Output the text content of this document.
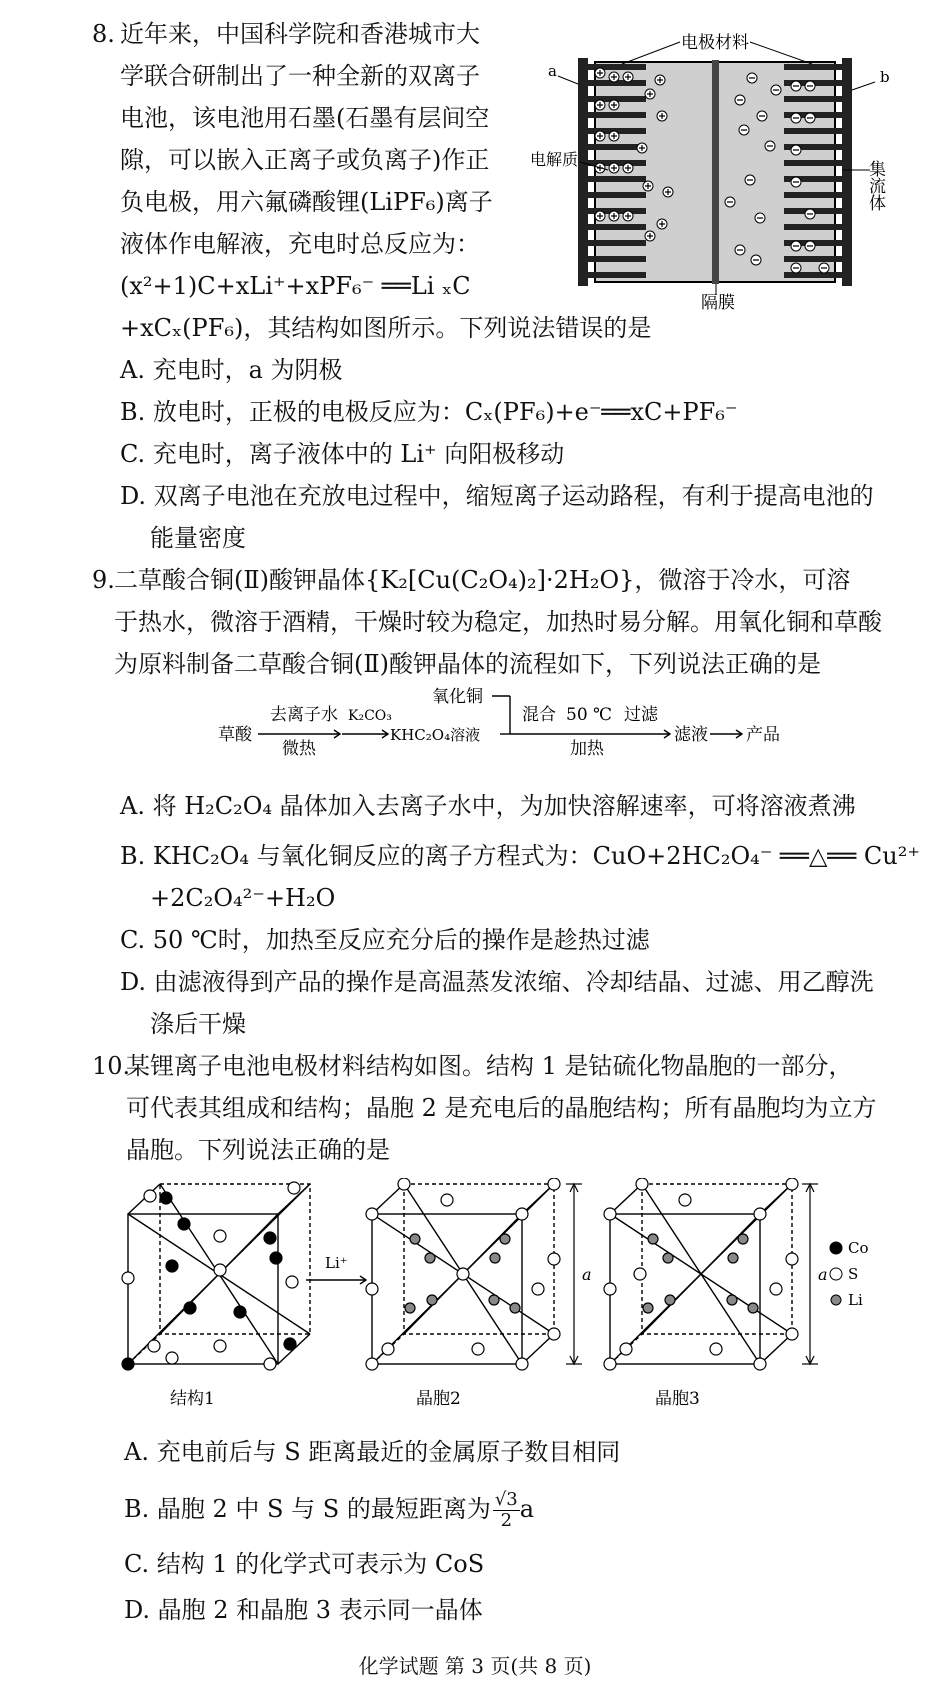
8. 近年来，中国科学院和香港城市大
学联合研制出了一种全新的双离子
电池，该电池用石墨(石墨有层间空
隙，可以嵌入正离子或负离子)作正
负电极，用六氟磷酸锂(LiPF₆)离子
液体作电解液，充电时总反应为：
(x²+1)C+xLi⁺+xPF₆⁻ ══Li ₓC
+xCₓ(PF₆)，其结构如图所示。下列说法错误的是
A. 充电时，a 为阴极
B. 放电时，正极的电极反应为：Cₓ(PF₆)+e⁻══xC+PF₆⁻
C. 充电时，离子液体中的 Li⁺ 向阳极移动
D. 双离子电池在充放电过程中，缩短离子运动路程，有利于提高电池的
能量密度
电极材料
a	b
电解质
隔膜
集流体
9. 二草酸合铜(Ⅱ)酸钾晶体{K₂[Cu(C₂O₄)₂]·2H₂O}，微溶于冷水，可溶
于热水，微溶于酒精，干燥时较为稳定，加热时易分解。用氧化铜和草酸
为原料制备二草酸合铜(Ⅱ)酸钾晶体的流程如下，下列说法正确的是
草酸
去离子水
微热
K₂CO₃
KHC₂O₄溶液
氧化铜
混合 50 ℃
加热
过滤
滤液 产品
A. 将 H₂C₂O₄ 晶体加入去离子水中，为加快溶解速率，可将溶液煮沸
B. KHC₂O₄ 与氧化铜反应的离子方程式为：CuO+2HC₂O₄⁻ ══△══ Cu²⁺
+2C₂O₄²⁻+H₂O
C. 50 ℃时，加热至反应充分后的操作是趁热过滤
D. 由滤液得到产品的操作是高温蒸发浓缩、冷却结晶、过滤、用乙醇洗
涤后干燥
10.
某锂离子电池电极材料结构如图。结构 1 是钴硫化物晶胞的一部分，
可代表其组成和结构；晶胞 2 是充电后的晶胞结构；所有晶胞均为立方
晶胞。下列说法正确的是
Li⁺
a	a
Co
S
Li
结构1	晶胞2	晶胞3
A. 充电前后与 S 距离最近的金属原子数目相同
B. 晶胞 2 中 S 与 S 的最短距离为 $\frac{√3}{2}$ a
C. 结构 1 的化学式可表示为 CoS
D. 晶胞 2 和晶胞 3 表示同一晶体
化学试题 第 3 页(共 8 页)
